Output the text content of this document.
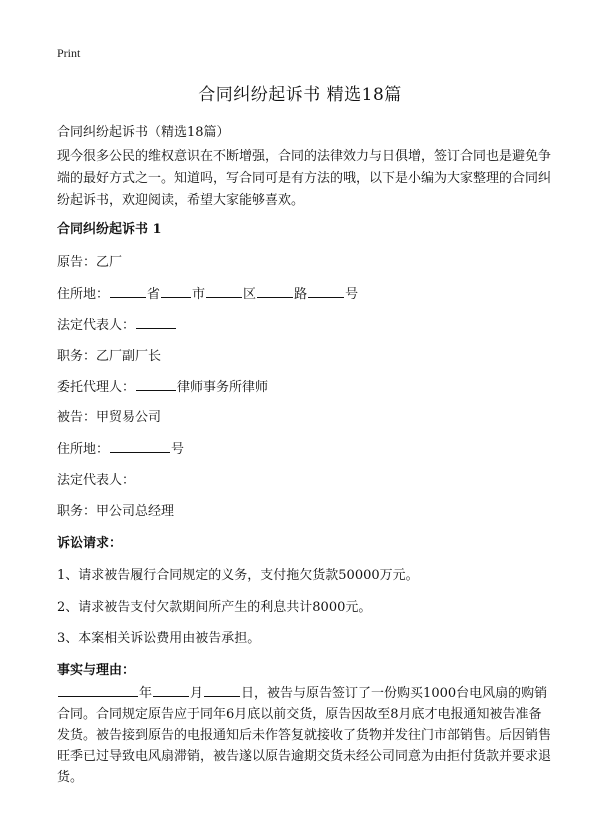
Print
合同纠纷起诉书 精选18篇
合同纠纷起诉书（精选18篇）
现今很多公民的维权意识在不断增强，合同的法律效力与日俱增，签订合同也是避免争端的最好方式之一。知道吗，写合同可是有方法的哦，以下是小编为大家整理的合同纠纷起诉书，欢迎阅读，希望大家能够喜欢。
合同纠纷起诉书 1
原告：乙厂
住所地：	省 市	区	路	号
法定代表人：
职务：乙厂副厂长
委托代理人：	律师事务所律师
被告：甲贸易公司
住所地：	号
法定代表人：
职务：甲公司总经理
诉讼请求：
1、请求被告履行合同规定的义务，支付拖欠货款50000万元。
2、请求被告支付欠款期间所产生的利息共计8000元。
3、本案相关诉讼费用由被告承担。
事实与理由：
年	月	日，被告与原告签订了一份购买1000台电风扇的购销合同。合同规定原告应于同年6月底以前交货，原告因故至8月底才电报通知被告准备发货。被告接到原告的电报通知后未作答复就接收了货物并发往门市部销售。后因销售旺季已过导致电风扇滞销，被告遂以原告逾期交货未经公司同意为由拒付货款并要求退货。
